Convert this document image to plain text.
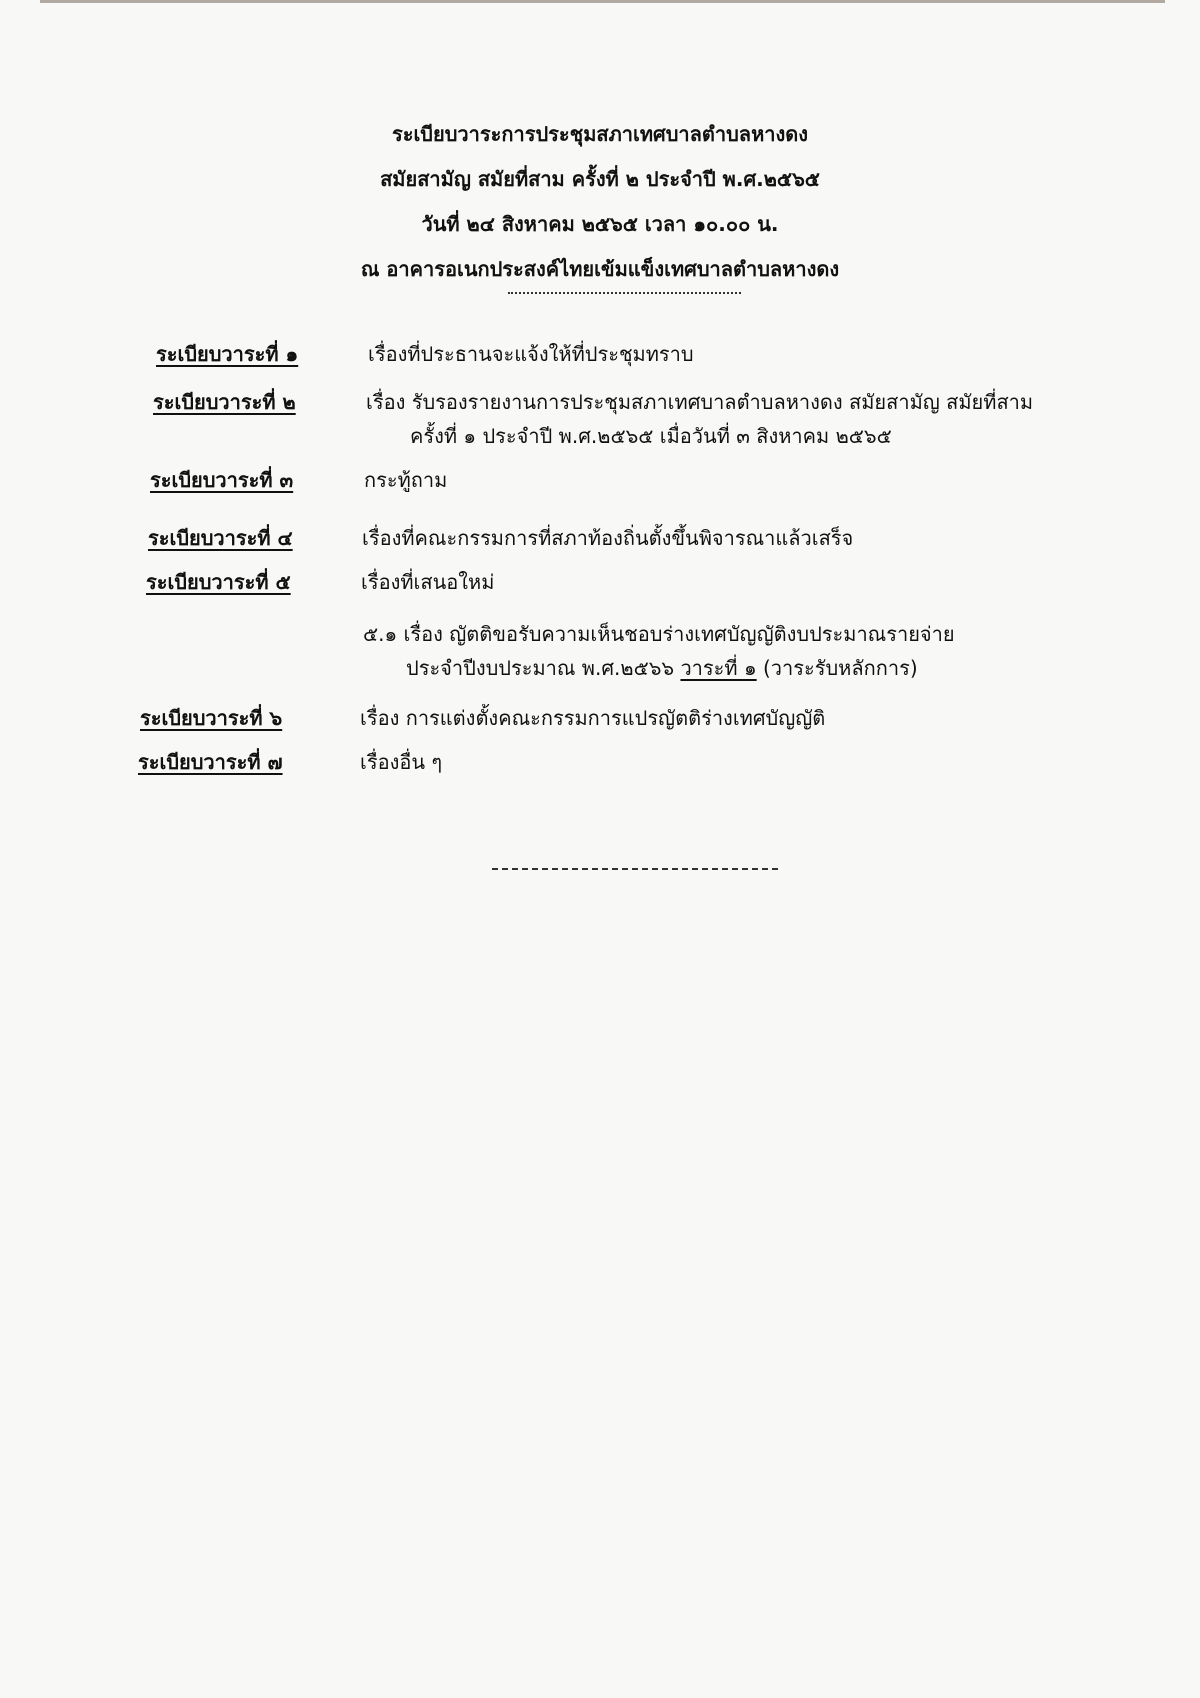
ระเบียบวาระการประชุมสภาเทศบาลตำบลหางดง
สมัยสามัญ สมัยที่สาม ครั้งที่ ๒ ประจำปี พ.ศ.๒๕๖๕
วันที่ ๒๔ สิงหาคม ๒๕๖๕ เวลา ๑๐.๐๐ น.
ณ อาคารอเนกประสงค์ไทยเข้มแข็งเทศบาลตำบลหางดง
ระเบียบวาระที่ ๑	เรื่องที่ประธานจะแจ้งให้ที่ประชุมทราบ
ระเบียบวาระที่ ๒	เรื่อง รับรองรายงานการประชุมสภาเทศบาลตำบลหางดง สมัยสามัญ สมัยที่สาม
ครั้งที่ ๑ ประจำปี พ.ศ.๒๕๖๕ เมื่อวันที่ ๓ สิงหาคม ๒๕๖๕
ระเบียบวาระที่ ๓	กระทู้ถาม
ระเบียบวาระที่ ๔	เรื่องที่คณะกรรมการที่สภาท้องถิ่นตั้งขึ้นพิจารณาแล้วเสร็จ
ระเบียบวาระที่ ๕	เรื่องที่เสนอใหม่
๕.๑ เรื่อง ญัตติขอรับความเห็นชอบร่างเทศบัญญัติงบประมาณรายจ่าย
ประจำปีงบประมาณ พ.ศ.๒๕๖๖ วาระที่ ๑ (วาระรับหลักการ)
ระเบียบวาระที่ ๖	เรื่อง การแต่งตั้งคณะกรรมการแปรญัตติร่างเทศบัญญัติ
ระเบียบวาระที่ ๗	เรื่องอื่น ๆ
